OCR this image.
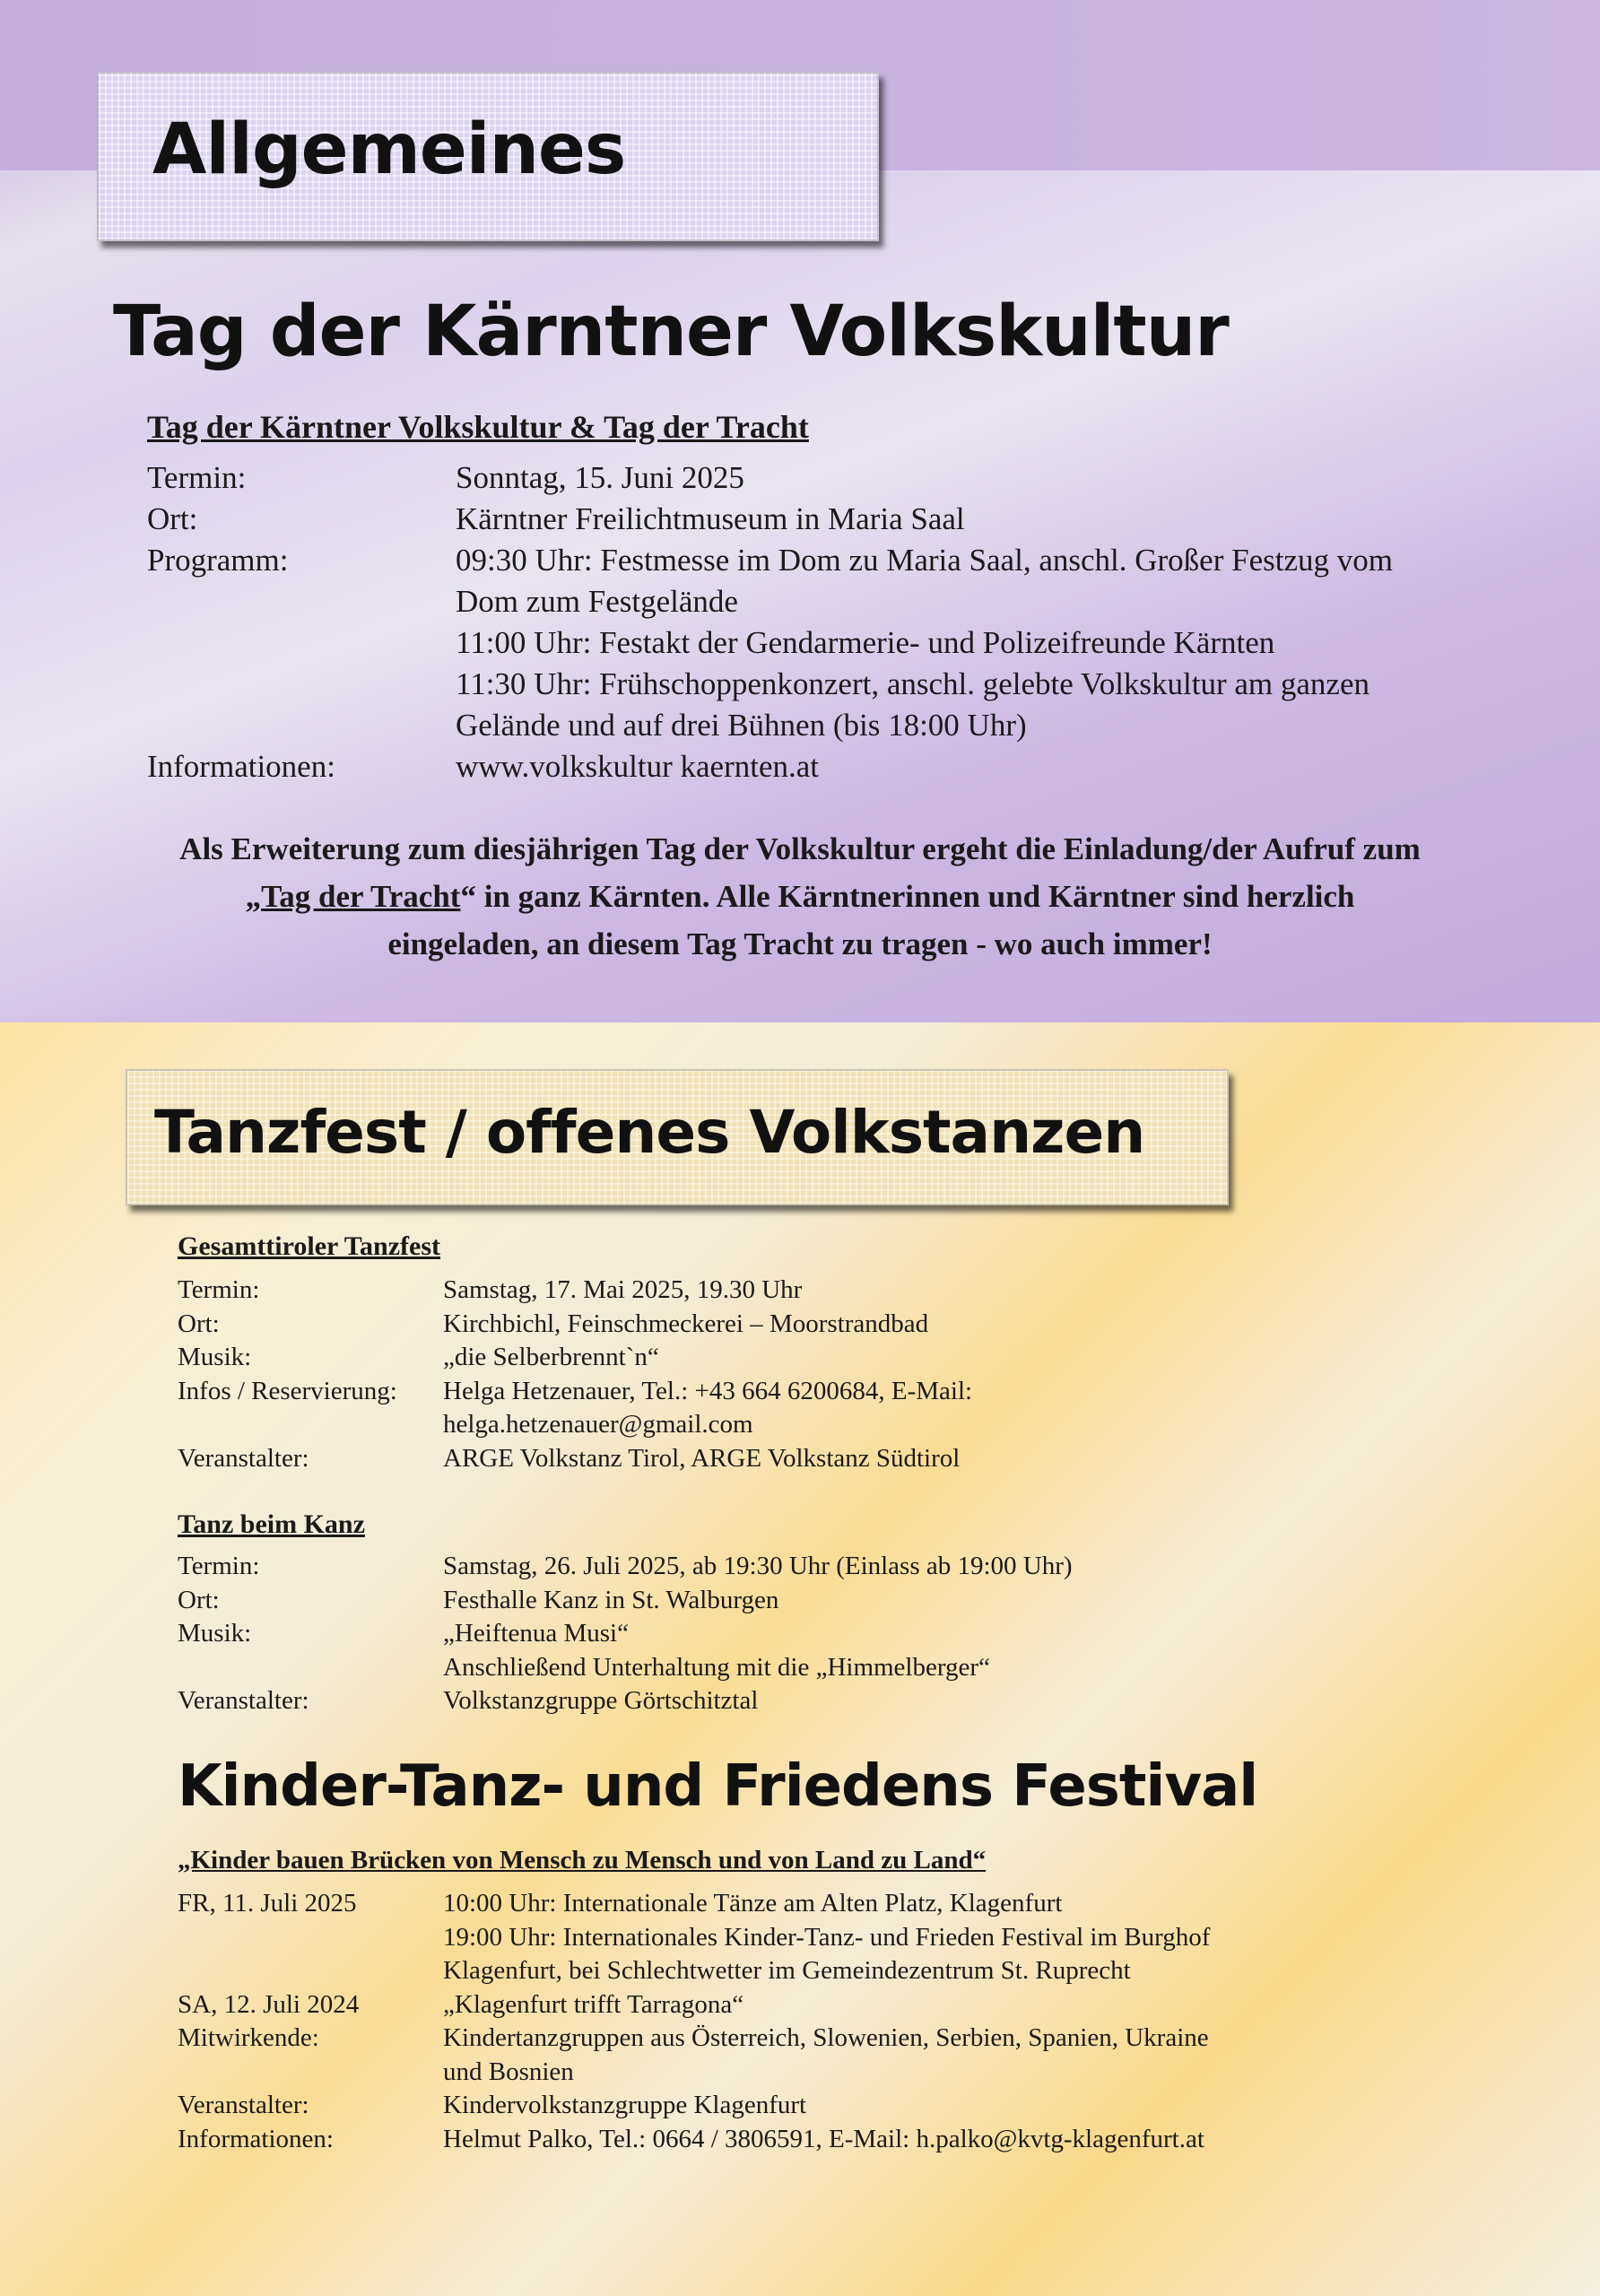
Allgemeines
Tag der Kärntner Volkskultur
Tag der Kärntner Volkskultur & Tag der Tracht
Termin:	Sonntag, 15. Juni 2025
Ort:	Kärntner Freilichtmuseum in Maria Saal
Programm:	09:30 Uhr: Festmesse im Dom zu Maria Saal, anschl. Großer Festzug vom
Dom zum Festgelände
11:00 Uhr: Festakt der Gendarmerie- und Polizeifreunde Kärnten
11:30 Uhr: Frühschoppenkonzert, anschl. gelebte Volkskultur am ganzen
Gelände und auf drei Bühnen (bis 18:00 Uhr)

Informationen:	www.volkskultur kaernten.at
Als Erweiterung zum diesjährigen Tag der Volkskultur ergeht die Einladung/der Aufruf zum
„Tag der Tracht“ in ganz Kärnten. Alle Kärntnerinnen und Kärntner sind herzlich
eingeladen, an diesem Tag Tracht zu tragen - wo auch immer!
Tanzfest / offenes Volkstanzen
Gesamttiroler Tanzfest
Termin:	Samstag, 17. Mai 2025, 19.30 Uhr
Ort:	Kirchbichl, Feinschmeckerei – Moorstrandbad
Musik:	„die Selberbrennt`n“
Infos / Reservierung:	Helga Hetzenauer, Tel.: +43 664 6200684, E-Mail:
helga.hetzenauer@gmail.com

Veranstalter:	ARGE Volkstanz Tirol, ARGE Volkstanz Südtirol
Tanz beim Kanz
Termin:	Samstag, 26. Juli 2025, ab 19:30 Uhr (Einlass ab 19:00 Uhr)
Ort:	Festhalle Kanz in St. Walburgen
Musik:	„Heiftenua Musi“
Anschließend Unterhaltung mit die „Himmelberger“

Veranstalter:	Volkstanzgruppe Görtschitztal
Kinder-Tanz- und Friedens Festival
„Kinder bauen Brücken von Mensch zu Mensch und von Land zu Land“
FR, 11. Juli 2025	10:00 Uhr: Internationale Tänze am Alten Platz, Klagenfurt
19:00 Uhr: Internationales Kinder-Tanz- und Frieden Festival im Burghof
Klagenfurt, bei Schlechtwetter im Gemeindezentrum St. Ruprecht

SA, 12. Juli 2024	„Klagenfurt trifft Tarragona“
Mitwirkende:	Kindertanzgruppen aus Österreich, Slowenien, Serbien, Spanien, Ukraine
und Bosnien

Veranstalter:	Kindervolkstanzgruppe Klagenfurt
Informationen:	Helmut Palko, Tel.: 0664 / 3806591, E-Mail: h.palko@kvtg-klagenfurt.at
